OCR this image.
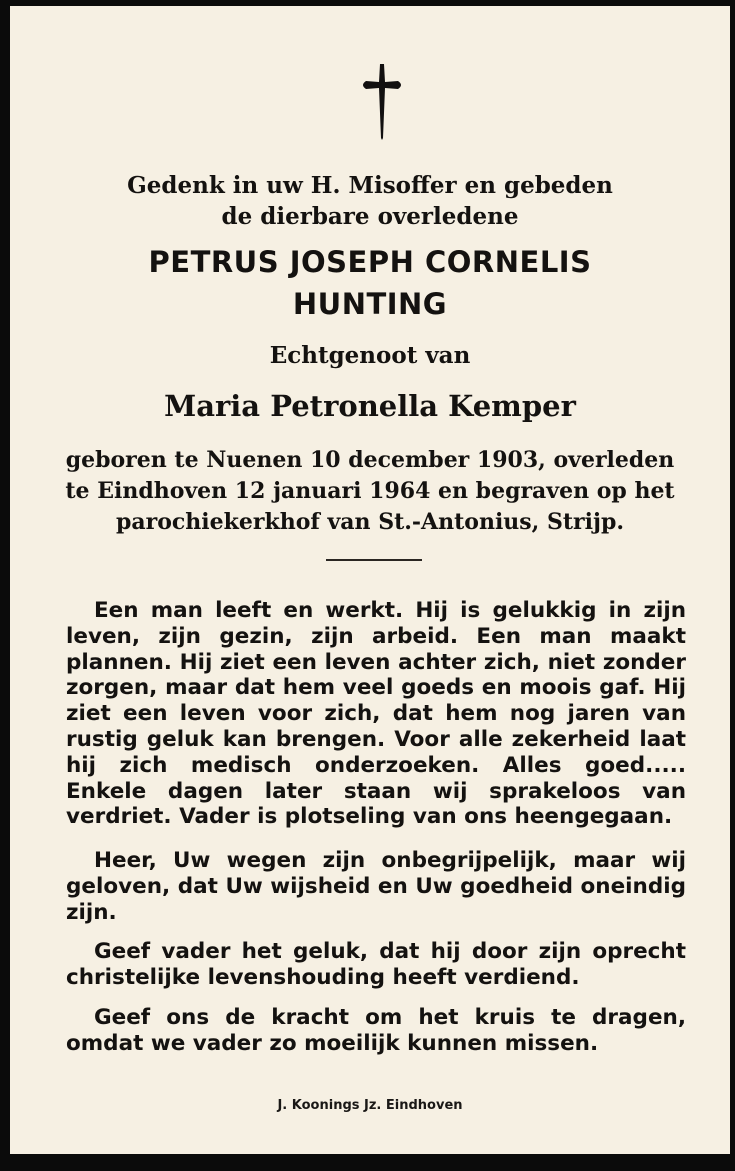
Gedenk in uw H. Misoffer en gebeden
de dierbare overledene
PETRUS JOSEPH CORNELIS
HUNTING
Echtgenoot van
Maria Petronella Kemper
geboren te Nuenen 10 december 1903, overleden
te Eindhoven 12 januari 1964 en begraven op het
parochiekerkhof van St.-Antonius, Strijp.

Een man leeft en werkt. Hij is gelukkig in zijn leven, zijn gezin, zijn arbeid. Een man maakt plannen. Hij ziet een leven achter zich, niet zonder zorgen, maar dat hem veel goeds en moois gaf. Hij ziet een leven voor zich, dat hem nog jaren van rustig geluk kan brengen. Voor alle zekerheid laat hij zich medisch onderzoeken. Alles goed..... Enkele dagen later staan wij sprakeloos van verdriet. Vader is plotseling van ons heengegaan.

Heer, Uw wegen zijn onbegrijpelijk, maar wij geloven, dat Uw wijsheid en Uw goedheid oneindig zijn.

Geef vader het geluk, dat hij door zijn oprecht christelijke levenshouding heeft verdiend.

Geef ons de kracht om het kruis te dragen, omdat we vader zo moeilijk kunnen missen.

J. Koonings Jz. Eindhoven
